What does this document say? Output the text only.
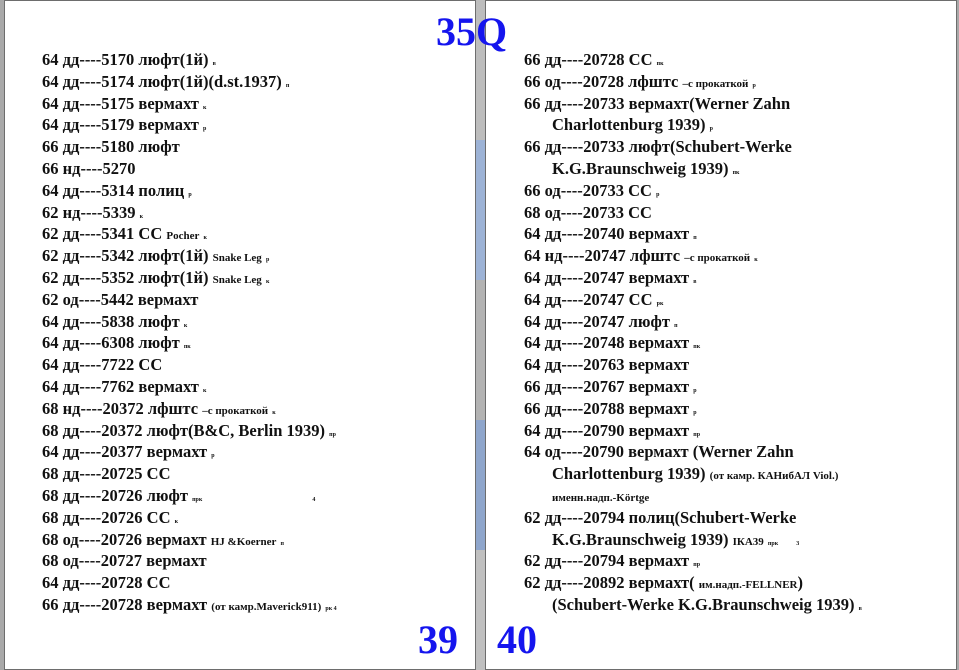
64 дд----5170 люфт(1й) в
64 дд----5174 люфт(1й)(d.st.1937) п
64 дд----5175 вермахт к
64 дд----5179 вермахт р
66 дд----5180 люфт
66 нд----5270
64 дд----5314 полиц р
62 нд----5339 к
62 дд----5341 СС Pocher к
62 дд----5342 люфт(1й) Snake Leg р
62 дд----5352 люфт(1й) Snake Leg к
62 од----5442 вермахт
64 дд----5838 люфт к
64 дд----6308 люфт пк
64 дд----7722 СС
64 дд----7762 вермахт к
68 нд----20372 лфштс –с прокаткой к
68 дд----20372 люфт(B&C, Berlin 1939) пр
64 дд----20377 вермахт р
68 дд----20725 СС
68 дд----20726 люфт прк	4
68 дд----20726 СС к
68 од----20726 вермахт HJ &Koerner п
68 од----20727 вермахт
64 дд----20728 СС
66 дд----20728 вермахт (от камр.Maverick911) рк 4
66 дд----20728 СС пк
66 од----20728 лфштс –с прокаткой р
66 дд----20733 вермахт(Werner Zahn
Charlottenburg 1939) р
66 дд----20733 люфт(Schubert-Werke
K.G.Braunschweig 1939) пк
66 од----20733 СС р
68 од----20733 СС
64 дд----20740 вермахт п
64 нд----20747 лфштс –с прокаткой к
64 дд----20747 вермахт в
64 дд----20747 СС рк
64 дд----20747 люфт п
64 дд----20748 вермахт пк
64 дд----20763 вермахт
66 дд----20767 вермахт р
66 дд----20788 вермахт р
64 дд----20790 вермахт пр
64 од----20790 вермахт (Werner Zahn
Charlottenburg 1939) (от камр. КАНибАЛ Viol.)
именн.надп.-Körtge
62 дд----20794 полиц(Schubert-Werke
K.G.Braunschweig 1939) IКА39 прк	3
62 дд----20794 вермахт пр
62 дд----20892 вермахт( им.надп.-FELLNER)
(Schubert-Werke K.G.Braunschweig 1939) в
35Q
39 40
